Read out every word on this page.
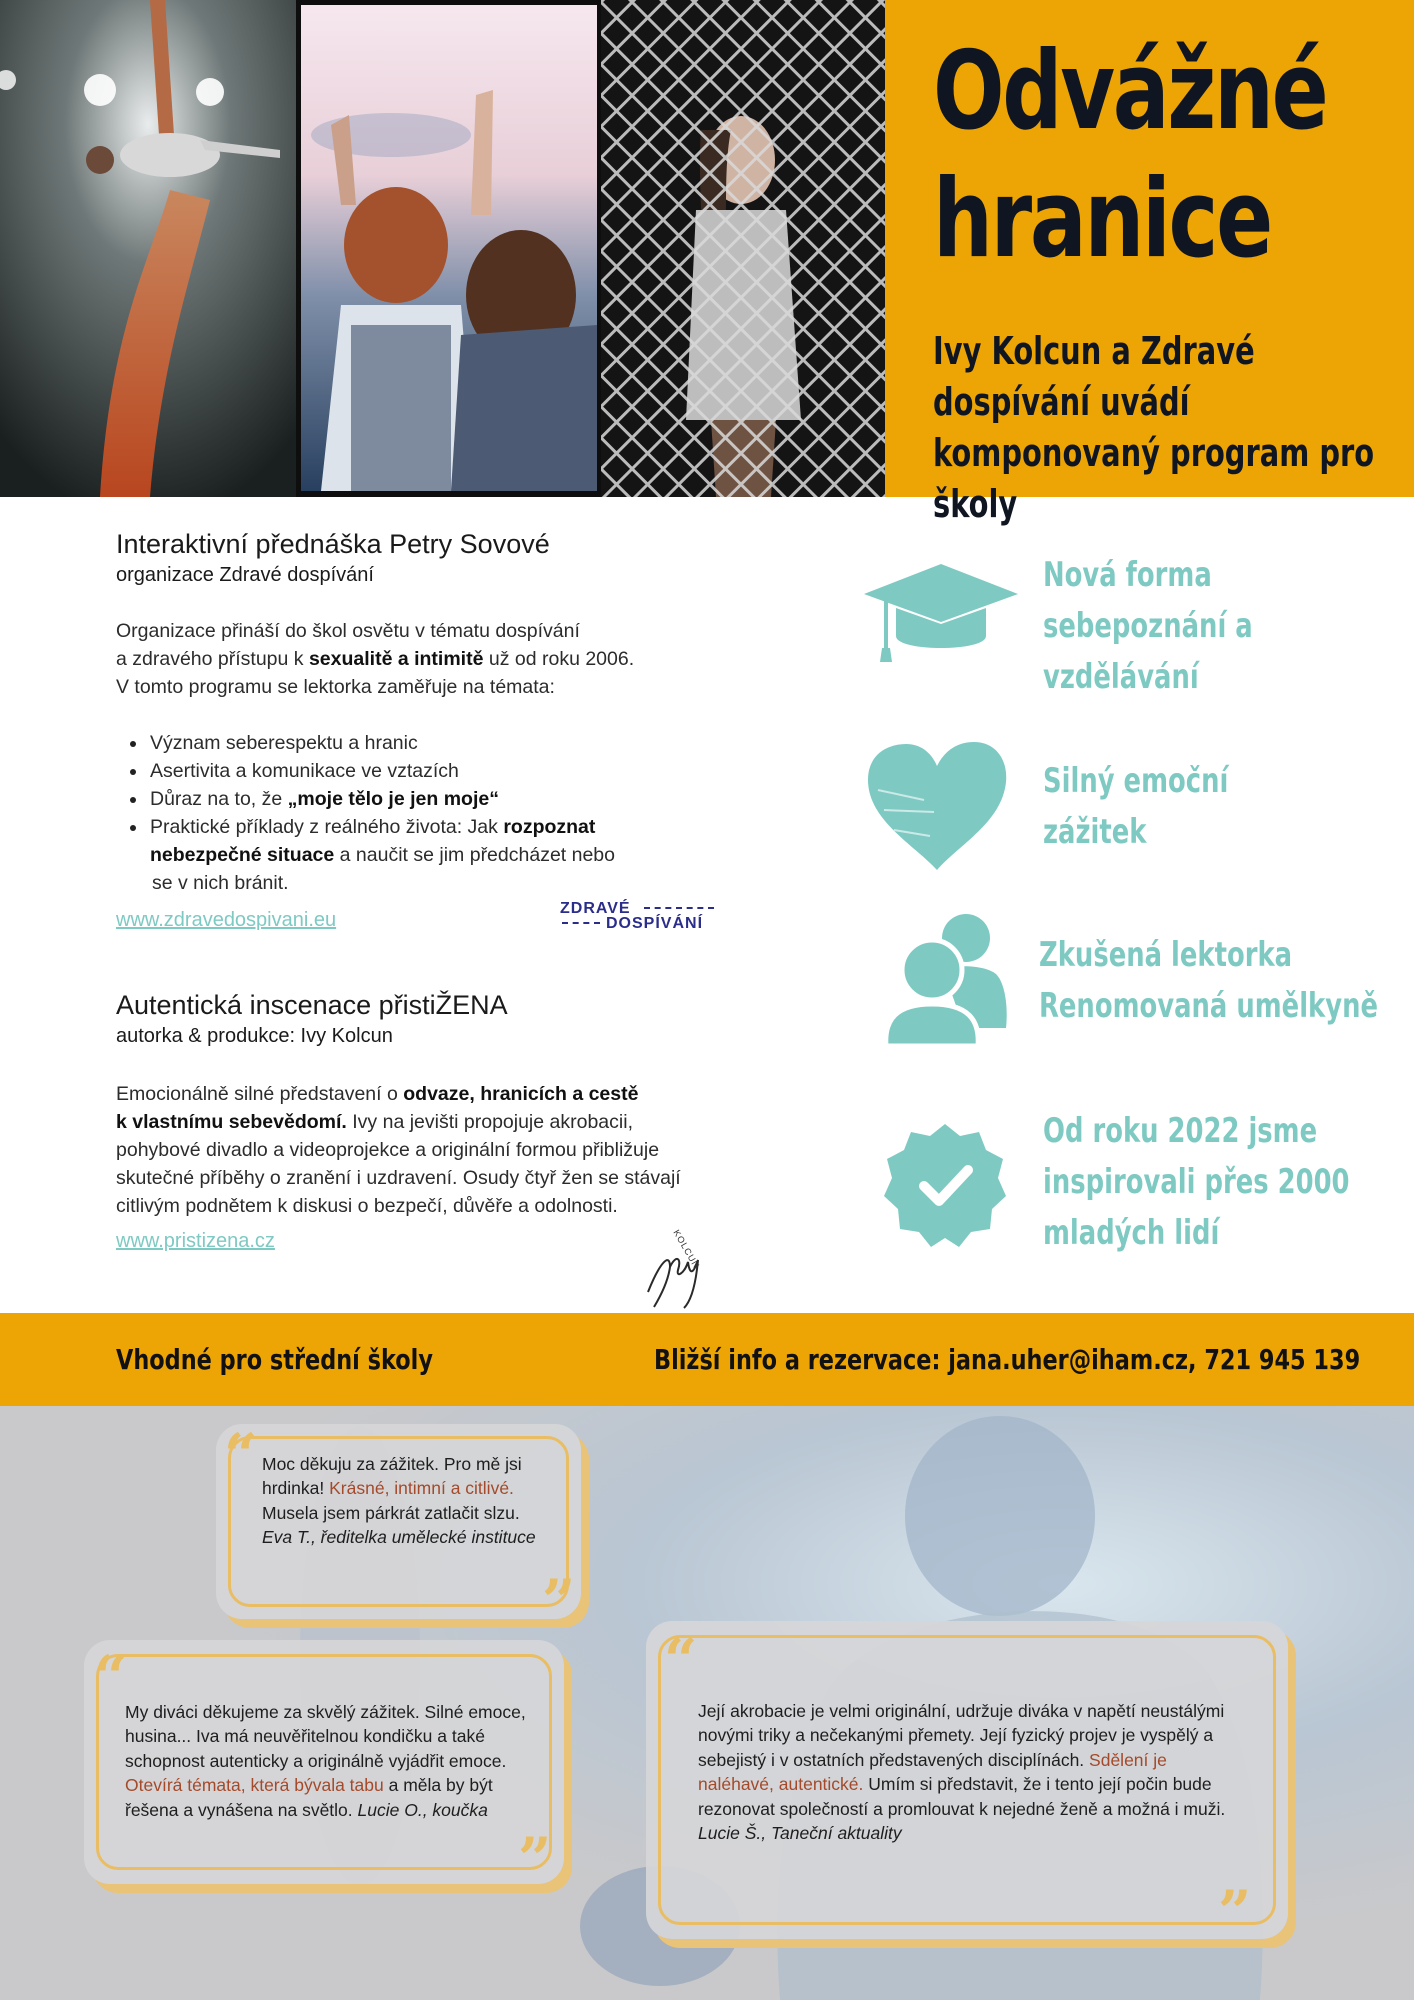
Odvážné
hranice
Ivy Kolcun a Zdravé dospívání uvádí komponovaný program pro školy
Interaktivní přednáška Petry Sovové
organizace Zdravé dospívání
Organizace přináší do škol osvětu v tématu dospívání
a zdravého přístupu k sexualitě a intimitě už od roku 2006.
V tomto programu se lektorka zaměřuje na témata:
Význam seberespektu a hranic
Asertivita a komunikace ve vztazích
Důraz na to, že „moje tělo je jen moje“
Praktické příklady z reálného života: Jak rozpoznat
nebezpečné situace a naučit se jim předcházet nebo
se v nich bránit.
www.zdravedospivani.eu
ZDRAVÉ
DOSPÍVÁNÍ
Autentická inscenace přistiŽENA
autorka & produkce: Ivy Kolcun
Emocionálně silné představení o odvaze, hranicích a cestě
k vlastnímu sebevědomí. Ivy na jevišti propojuje akrobacii,
pohybové divadlo a videoprojekce a originální formou přibližuje
skutečné příběhy o zranění i uzdravení. Osudy čtyř žen se stávají
citlivým podnětem k diskusi o bezpečí, důvěře a odolnosti.
www.pristizena.cz	KOLCUN
Nová forma
sebepoznání a
vzdělávání
Silný emoční
zážitek
Zkušená lektorka
Renomovaná umělkyně
Od roku 2022 jsme
inspirovali přes 2000
mladých lidí
Vhodné pro střední školy	Bližší info a rezervace: jana.uher@iham.cz, 721 945 139
“
”
Moc děkuju za zážitek. Pro mě jsi hrdinka! Krásné, intimní a citlivé. Musela jsem párkrát zatlačit slzu. Eva T., ředitelka umělecké instituce
“
”
My diváci děkujeme za skvělý zážitek. Silné emoce, husina... Iva má neuvěřitelnou kondičku a také schopnost autenticky a originálně vyjádřit emoce. Otevírá témata, která bývala tabu a měla by být řešena a vynášena na světlo. Lucie O., koučka
“
”
Její akrobacie je velmi originální, udržuje diváka v napětí neustálými novými triky a nečekanými přemety. Její fyzický projev je vyspělý a sebejistý i v ostatních představených disciplínách. Sdělení je naléhavé, autentické. Umím si představit, že i tento její počin bude rezonovat společností a promlouvat k nejedné ženě a možná i muži. Lucie Š., Taneční aktuality
